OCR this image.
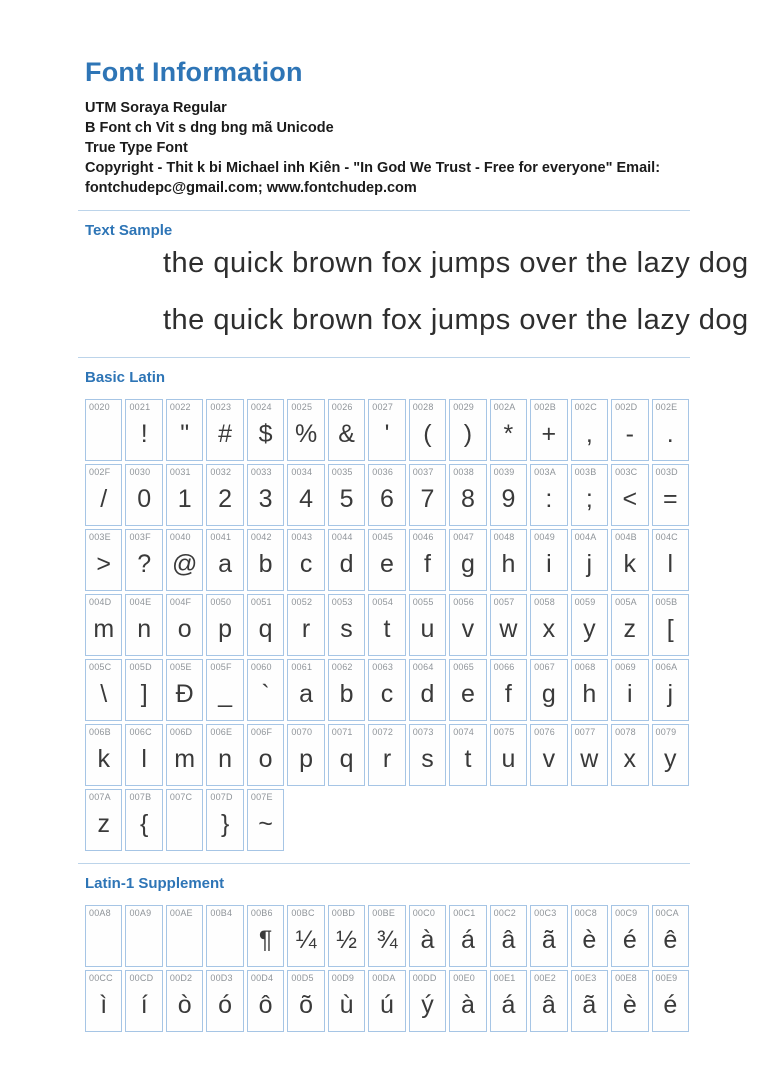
Font Information
UTM Soraya Regular
B Font ch Vit s dng bng mã Unicode
True Type Font
Copyright - Thit k bi Michael inh Kiên - "In God We Trust - Free for everyone" Email:
fontchudepc@gmail.com; www.fontchudep.com
Text Sample
the quick brown fox jumps over the lazy dog
the quick brown fox jumps over the lazy dog
Basic Latin
0020 0021
!
0022
"
0023
#
0024
$
0025
%
0026
&
0027
'
0028
(
0029
)
002A
*
002B
+
002C
,
002D
-
002E
.
002F
/
0030
0
0031
1
0032
2
0033
3
0034
4
0035
5
0036
6
0037
7
0038
8
0039
9
003A
:
003B
;
003C
<
003D
=
003E
>
003F
?
0040
@
0041
a
0042
b
0043
c
0044
d
0045
e
0046
f
0047
g
0048
h
0049
i
004A
j
004B
k
004C
l
004D
m
004E
n
004F
o
0050
p
0051
q
0052
r
0053
s
0054
t
0055
u
0056
v
0057
w
0058
x
0059
y
005A
z
005B
[
005C
\
005D
]
005E
Đ
005F
_
0060
`
0061
a
0062
b
0063
c
0064
d
0065
e
0066
f
0067
g
0068
h
0069
i
006A
j
006B
k
006C
l
006D
m
006E
n
006F
o
0070
p
0071
q
0072
r
0073
s
0074
t
0075
u
0076
v
0077
w
0078
x
0079
y
007A
z
007B
{
007C 007D
}
007E
~
Latin-1 Supplement
00A8 00A9 00AE 00B4 00B6
¶
00BC
¼
00BD
½
00BE
¾
00C0
à
00C1
á
00C2
â
00C3
ã
00C8
è
00C9
é
00CA
ê
00CC
ì
00CD
í
00D2
ò
00D3
ó
00D4
ô
00D5
õ
00D9
ù
00DA
ú
00DD
ý
00E0
à
00E1
á
00E2
â
00E3
ã
00E8
è
00E9
é
